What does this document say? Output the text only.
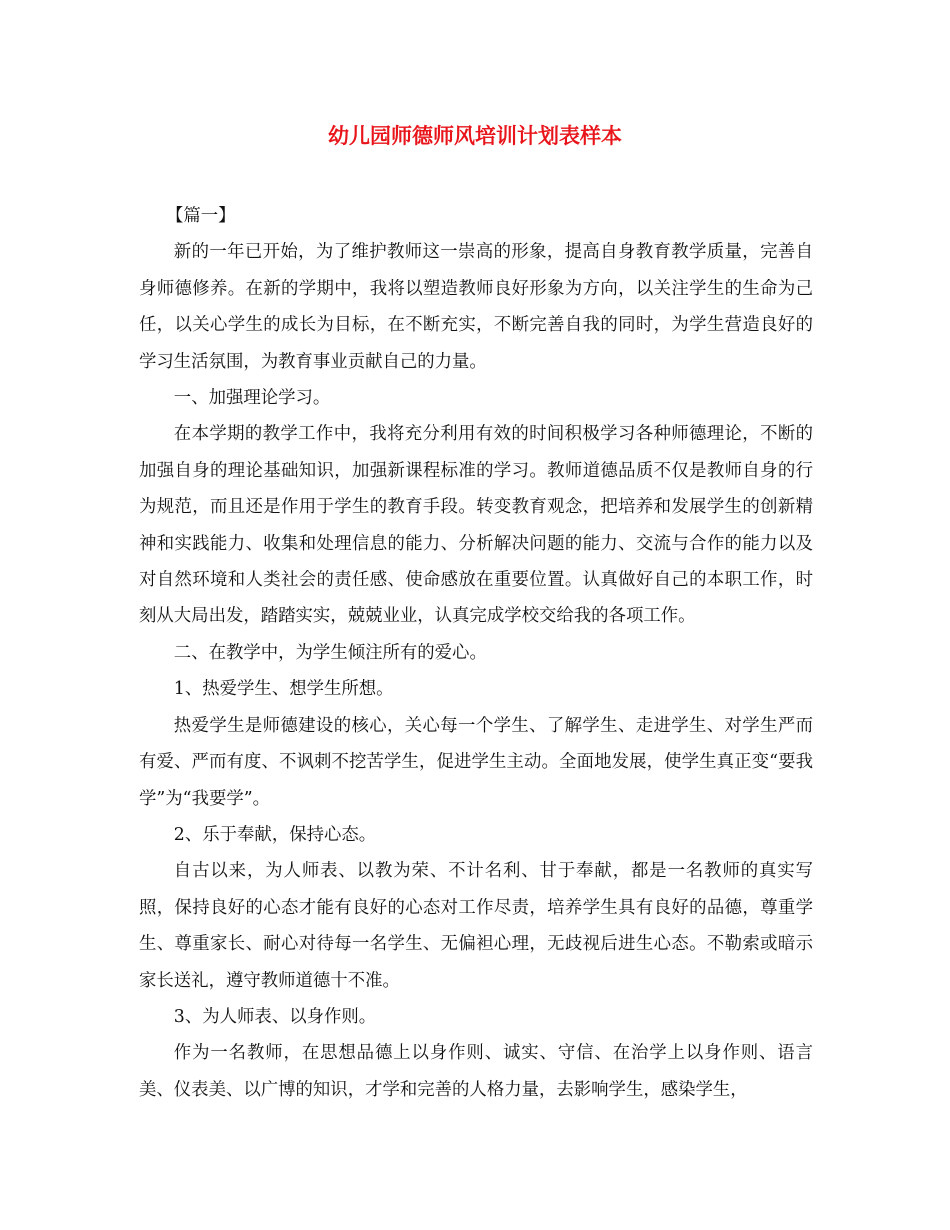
幼儿园师德师风培训计划表样本

【篇一】

新的一年已开始，为了维护教师这一崇高的形象，提高自身教育教学质量，完善自身师德修养。在新的学期中，我将以塑造教师良好形象为方向，以关注学生的生命为己任，以关心学生的成长为目标，在不断充实，不断完善自我的同时，为学生营造良好的学习生活氛围，为教育事业贡献自己的力量。

一、加强理论学习。

在本学期的教学工作中，我将充分利用有效的时间积极学习各种师德理论，不断的加强自身的理论基础知识，加强新课程标准的学习。教师道德品质不仅是教师自身的行为规范，而且还是作用于学生的教育手段。转变教育观念，把培养和发展学生的创新精神和实践能力、收集和处理信息的能力、分析解决问题的能力、交流与合作的能力以及对自然环境和人类社会的责任感、使命感放在重要位置。认真做好自己的本职工作，时刻从大局出发，踏踏实实，兢兢业业，认真完成学校交给我的各项工作。

二、在教学中，为学生倾注所有的爱心。

1、热爱学生、想学生所想。

热爱学生是师德建设的核心，关心每一个学生、了解学生、走进学生、对学生严而有爱、严而有度、不讽刺不挖苦学生，促进学生主动。全面地发展，使学生真正变“要我学”为“我要学”。

2、乐于奉献，保持心态。

自古以来，为人师表、以教为荣、不计名利、甘于奉献，都是一名教师的真实写照，保持良好的心态才能有良好的心态对工作尽责，培养学生具有良好的品德，尊重学生、尊重家长、耐心对待每一名学生、无偏袒心理，无歧视后进生心态。不勒索或暗示家长送礼，遵守教师道德十不准。

3、为人师表、以身作则。

作为一名教师，在思想品德上以身作则、诚实、守信、在治学上以身作则、语言美、仪表美、以广博的知识，才学和完善的人格力量，去影响学生，感染学生，
